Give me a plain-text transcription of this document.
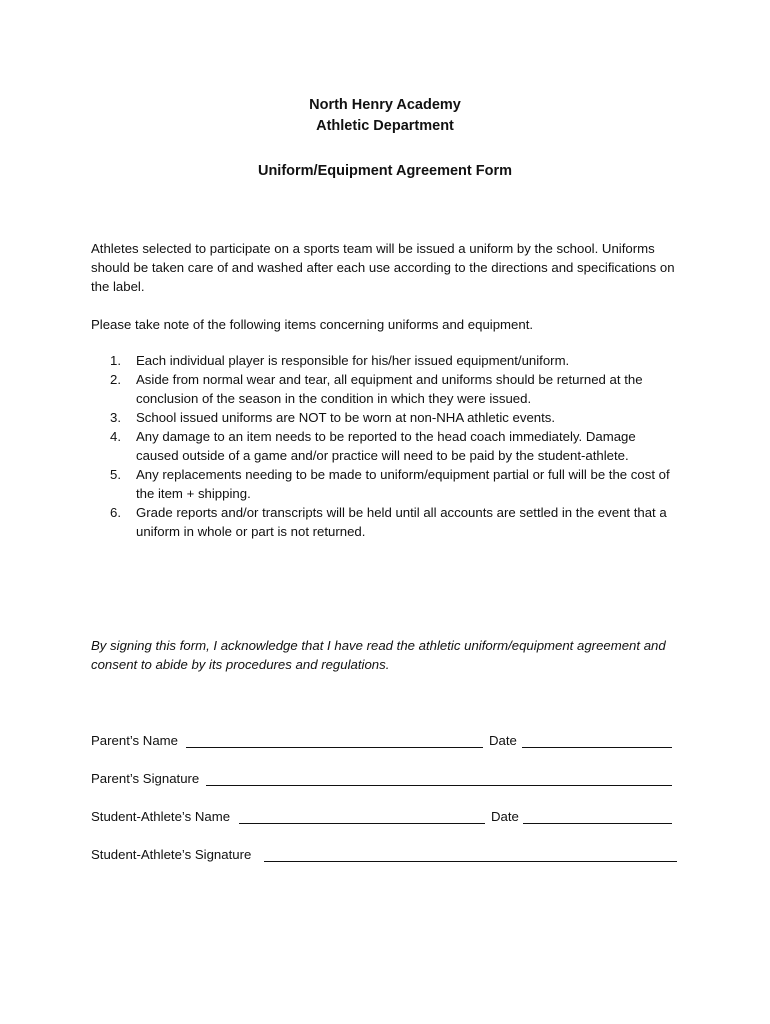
North Henry Academy
Athletic Department
Uniform/Equipment Agreement Form
Athletes selected to participate on a sports team will be issued a uniform by the school. Uniforms should be taken care of and washed after each use according to the directions and specifications on the label.
Please take note of the following items concerning uniforms and equipment.
1. Each individual player is responsible for his/her issued equipment/uniform.
2. Aside from normal wear and tear, all equipment and uniforms should be returned at the conclusion of the season in the condition in which they were issued.
3. School issued uniforms are NOT to be worn at non-NHA athletic events.
4. Any damage to an item needs to be reported to the head coach immediately. Damage caused outside of a game and/or practice will need to be paid by the student-athlete.
5. Any replacements needing to be made to uniform/equipment partial or full will be the cost of the item + shipping.
6. Grade reports and/or transcripts will be held until all accounts are settled in the event that a uniform in whole or part is not returned.
By signing this form, I acknowledge that I have read the athletic uniform/equipment agreement and consent to abide by its procedures and regulations.
Parent’s Name	Date
Parent’s Signature
Student-Athlete’s Name	Date
Student-Athlete’s Signature
